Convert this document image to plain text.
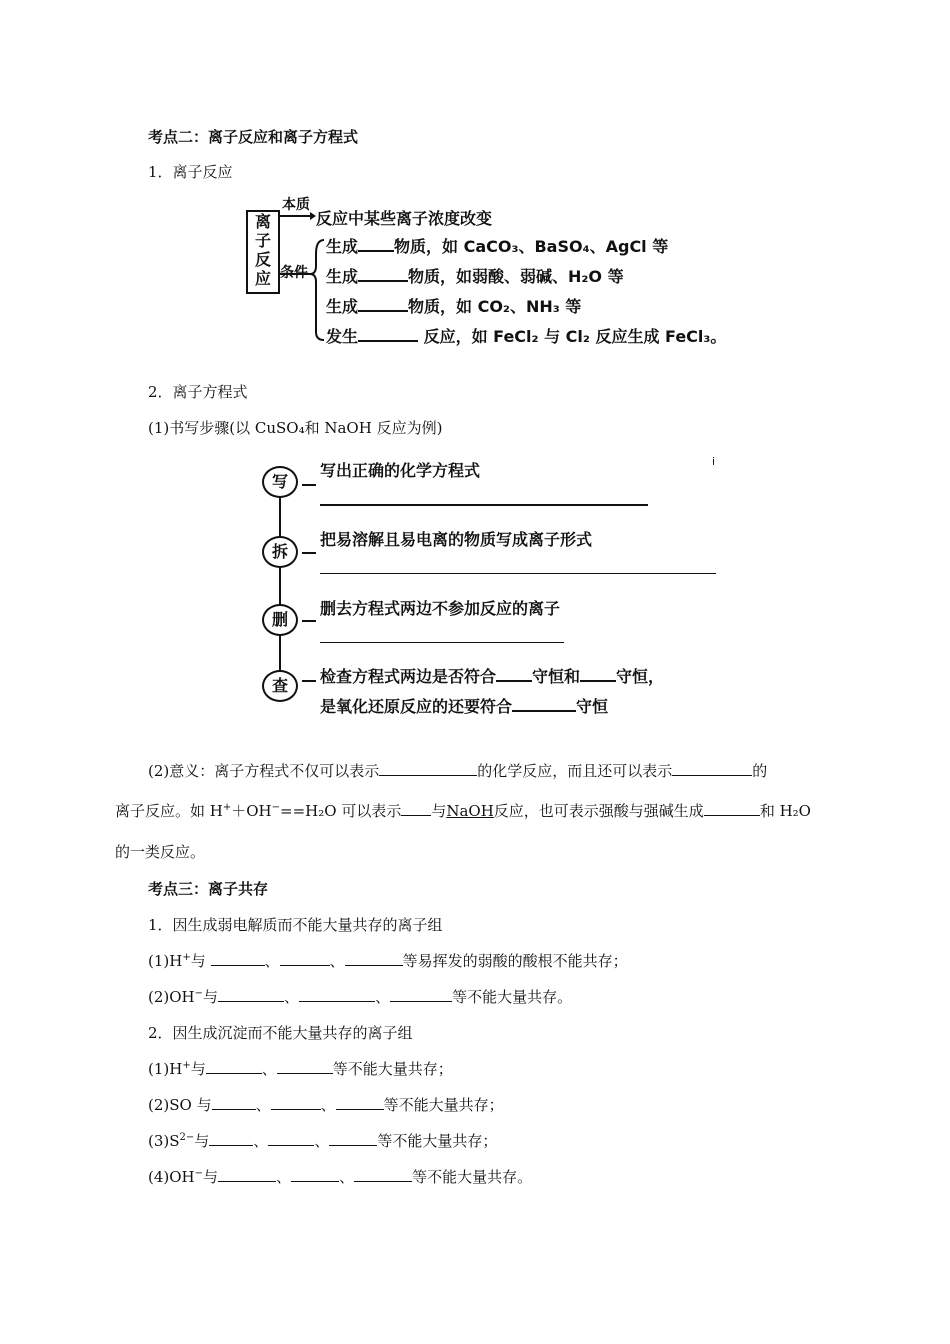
考点二：离子反应和离子方程式
1．离子反应
离子反应
本质
反应中某些离子浓度改变
条件
生成 物质，如 CaCO₃、BaSO₄、AgCl 等
生成	物质，如弱酸、弱碱、H₂O 等
生成	物质，如 CO₂、NH₃ 等
发生	反应，如 FeCl₂ 与 Cl₂ 反应生成 FeCl₃。
2．离子方程式
(1)书写步骤(以 CuSO₄和 NaOH 反应为例)
i
写
写出正确的化学方程式
拆
把易溶解且易电离的物质写成离子形式
删
删去方程式两边不参加反应的离子
查	检查方程式两边是否符合 守恒和 守恒，
是氧化还原反应的还要符合	守恒
(2)意义：离子方程式不仅可以表示	的化学反应，而且还可以表示	的
离子反应。如 H+＋OH−==H₂O 可以表示 与NaOH反应，也可表示强酸与强碱生成	和 H₂O
的一类反应。
考点三：离子共存
1．因生成弱电解质而不能大量共存的离子组
(1)H+与	、	、	等易挥发的弱酸的酸根不能共存；
(2)OH−与	、	、	等不能大量共存。
2．因生成沉淀而不能大量共存的离子组
(1)H+与	、	等不能大量共存；
(2)SO 与	、	、	等不能大量共存；
$(3)S^{2-}$与	、	、	等不能大量共存；
(4)OH−与	、	、	等不能大量共存。
